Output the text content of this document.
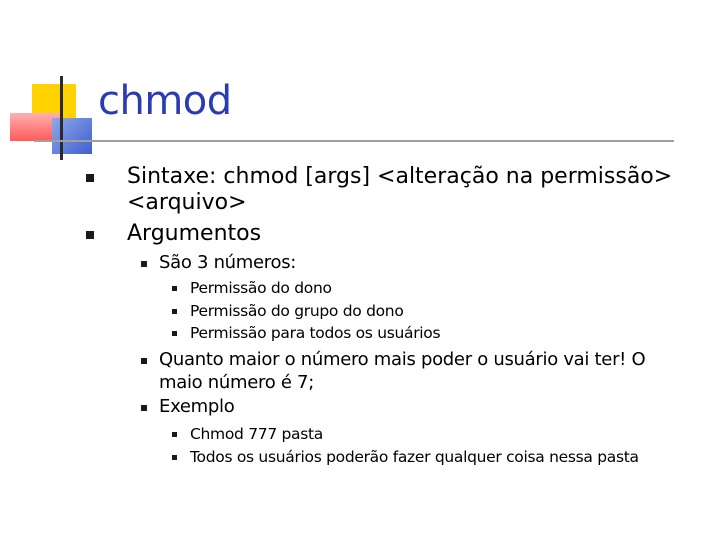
chmod
Sintaxe: chmod [args] <alteração na permissão>
<arquivo>
Argumentos
São 3 números:
Permissão do dono
Permissão do grupo do dono
Permissão para todos os usuários
Quanto maior o número mais poder o usuário vai ter! O
maio número é 7;
Exemplo
Chmod 777 pasta
Todos os usuários poderão fazer qualquer coisa nessa pasta
